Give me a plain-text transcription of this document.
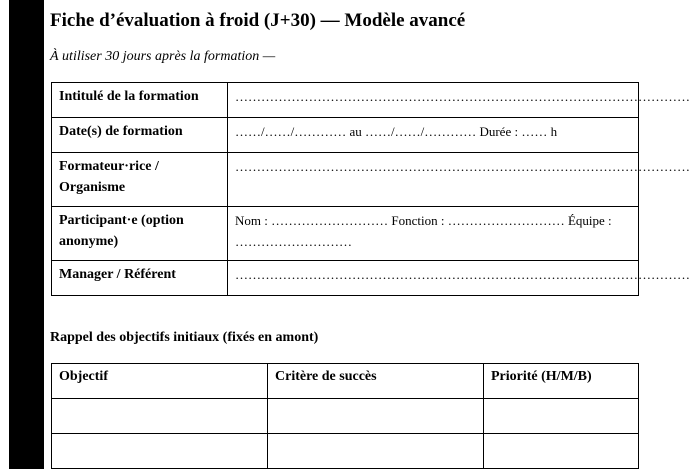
Fiche d’évaluation à froid (J+30) — Modèle avancé
À utiliser 30 jours après la formation —
Intitulé de la formation	……………………………………………………………………………………………
Date(s) de formation	……/……/………… au ……/……/………… Durée : …… h
Formateur·rice / Organisme	……………………………………………………………………………………………
Participant·e (option anonyme)	Nom : ……………………… Fonction : ……………………… Équipe : ………………………
Manager / Référent	……………………………………………………………………………………………
Rappel des objectifs initiaux (fixés en amont)
Objectif	Critère de succès	Priorité (H/M/B)
